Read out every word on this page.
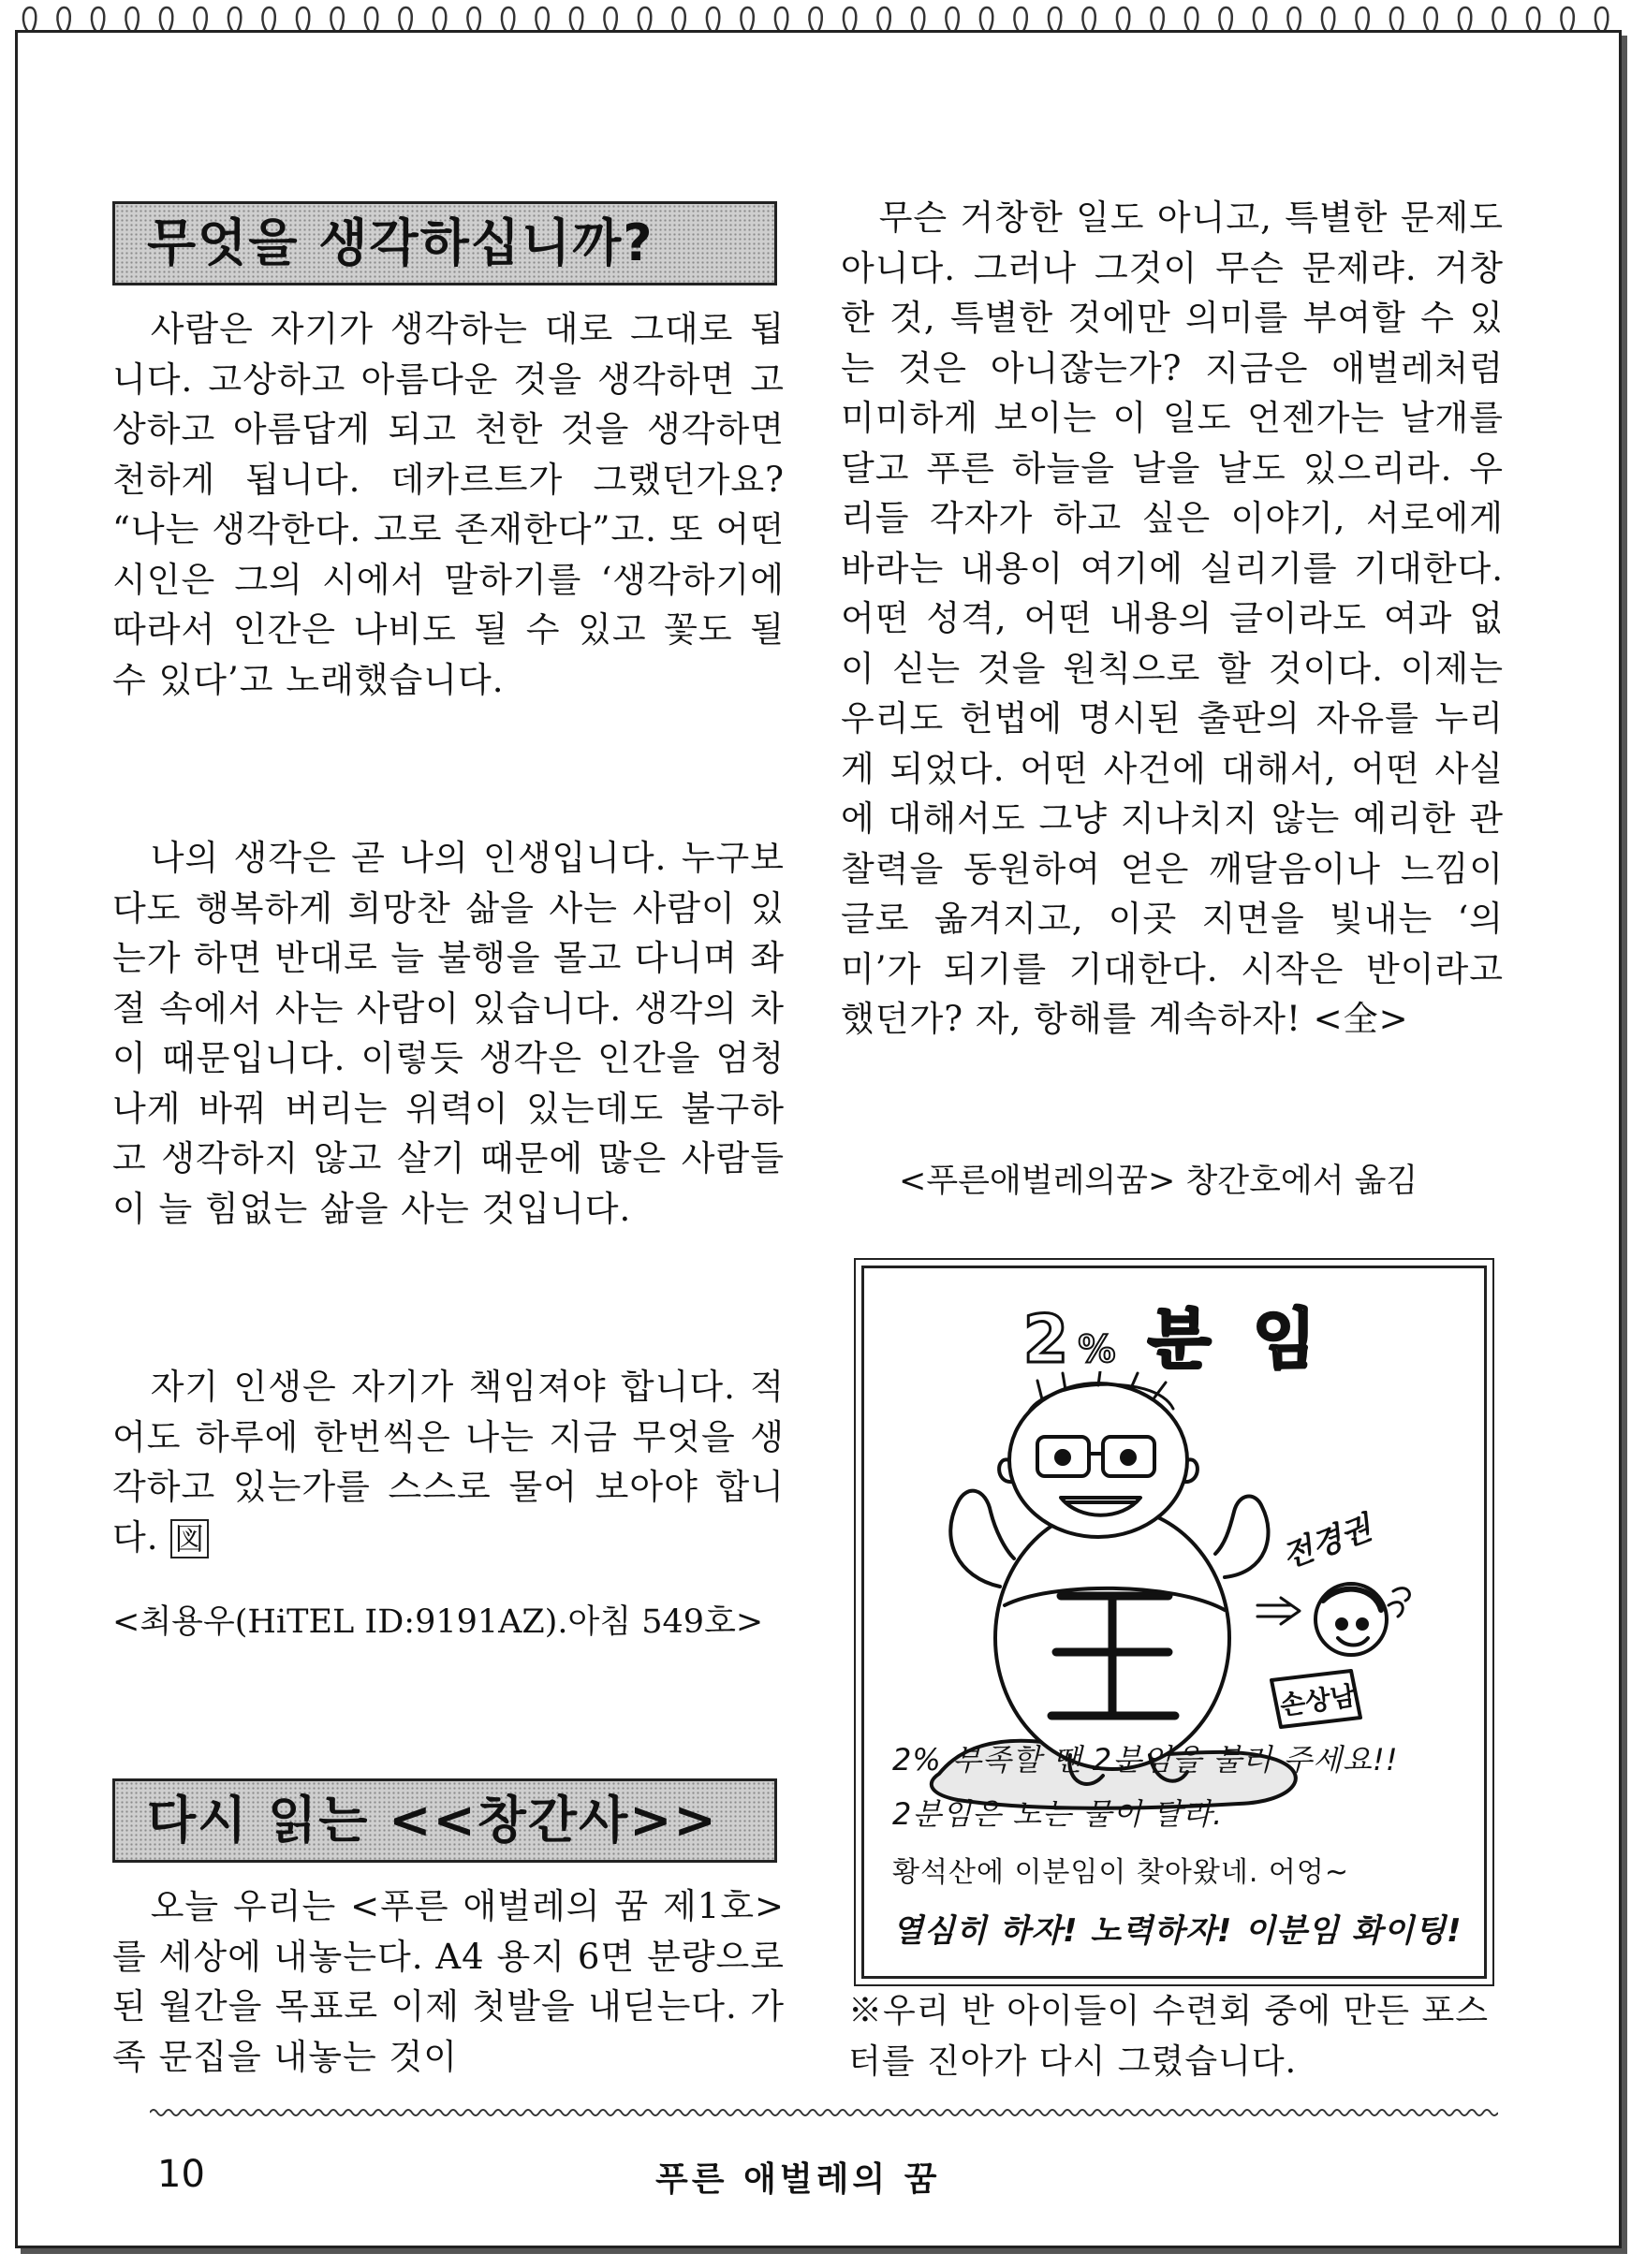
무엇을 생각하십니까?

사람은 자기가 생각하는 대로 그대로 됩니다. 고상하고 아름다운 것을 생각하면 고상하고 아름답게 되고 천한 것을 생각하면 천하게 됩니다. 데카르트가 그랬던가요? “나는 생각한다. 고로 존재한다”고. 또 어떤 시인은 그의 시에서 말하기를 ‘생각하기에 따라서 인간은 나비도 될 수 있고 꽃도 될 수 있다’고 노래했습니다.

나의 생각은 곧 나의 인생입니다. 누구보다도 행복하게 희망찬 삶을 사는 사람이 있는가 하면 반대로 늘 불행을 몰고 다니며 좌절 속에서 사는 사람이 있습니다. 생각의 차이 때문입니다. 이렇듯 생각은 인간을 엄청나게 바꿔 버리는 위력이 있는데도 불구하고 생각하지 않고 살기 때문에 많은 사람들이 늘 힘없는 삶을 사는 것입니다.

자기 인생은 자기가 책임져야 합니다. 적어도 하루에 한번씩은 나는 지금 무엇을 생각하고 있는가를 스스로 물어 보아야 합니다. 図

<최용우(HiTEL ID:9191AZ).아침 549호>
다시 읽는 <<창간사>>

오늘 우리는 <푸른 애벌레의 꿈 제1호>를 세상에 내놓는다. A4 용지 6면 분량으로 된 월간을 목표로 이제 첫발을 내딛는다. 가족 문집을 내놓는 것이

무슨 거창한 일도 아니고, 특별한 문제도 아니다. 그러나 그것이 무슨 문제랴. 거창한 것, 특별한 것에만 의미를 부여할 수 있는 것은 아니잖는가? 지금은 애벌레처럼 미미하게 보이는 이 일도 언젠가는 날개를 달고 푸른 하늘을 날을 날도 있으리라. 우리들 각자가 하고 싶은 이야기, 서로에게 바라는 내용이 여기에 실리기를 기대한다. 어떤 성격, 어떤 내용의 글이라도 여과 없이 싣는 것을 원칙으로 할 것이다. 이제는 우리도 헌법에 명시된 출판의 자유를 누리게 되었다. 어떤 사건에 대해서, 어떤 사실에 대해서도 그냥 지나치지 않는 예리한 관찰력을 동원하여 얻은 깨달음이나 느낌이 글로 옮겨지고, 이곳 지면을 빛내는 ‘의미’가 되기를 기대한다. 시작은 반이라고 했던가? 자, 항해를 계속하자! <全>

<푸른애벌레의꿈> 창간호에서 옮김
2% 분 임
전경권
손상남
2% 부족할 땐 2분임을 불러 주세요!!
2분임은 노는 물이 달라.
황석산에 이분임이 찾아왔네. 어엉~
열심히 하자! 노력하자! 이분임 화이팅!
※우리 반 아이들이 수련회 중에 만든 포스터를 진아가 다시 그렸습니다.
10	푸른 애벌레의 꿈
